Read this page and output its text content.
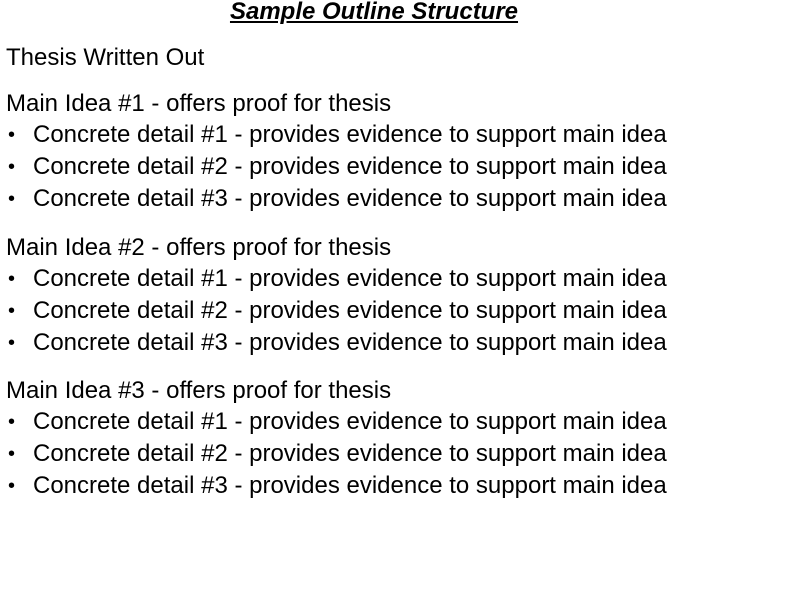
Sample Outline Structure
Thesis Written Out
Main Idea #1 - offers proof for thesis
• Concrete detail #1 - provides evidence to support main idea
• Concrete detail #2 - provides evidence to support main idea
• Concrete detail #3 - provides evidence to support main idea
Main Idea #2 - offers proof for thesis
• Concrete detail #1 - provides evidence to support main idea
• Concrete detail #2 - provides evidence to support main idea
• Concrete detail #3 - provides evidence to support main idea
Main Idea #3 - offers proof for thesis
• Concrete detail #1 - provides evidence to support main idea
• Concrete detail #2 - provides evidence to support main idea
• Concrete detail #3 - provides evidence to support main idea
